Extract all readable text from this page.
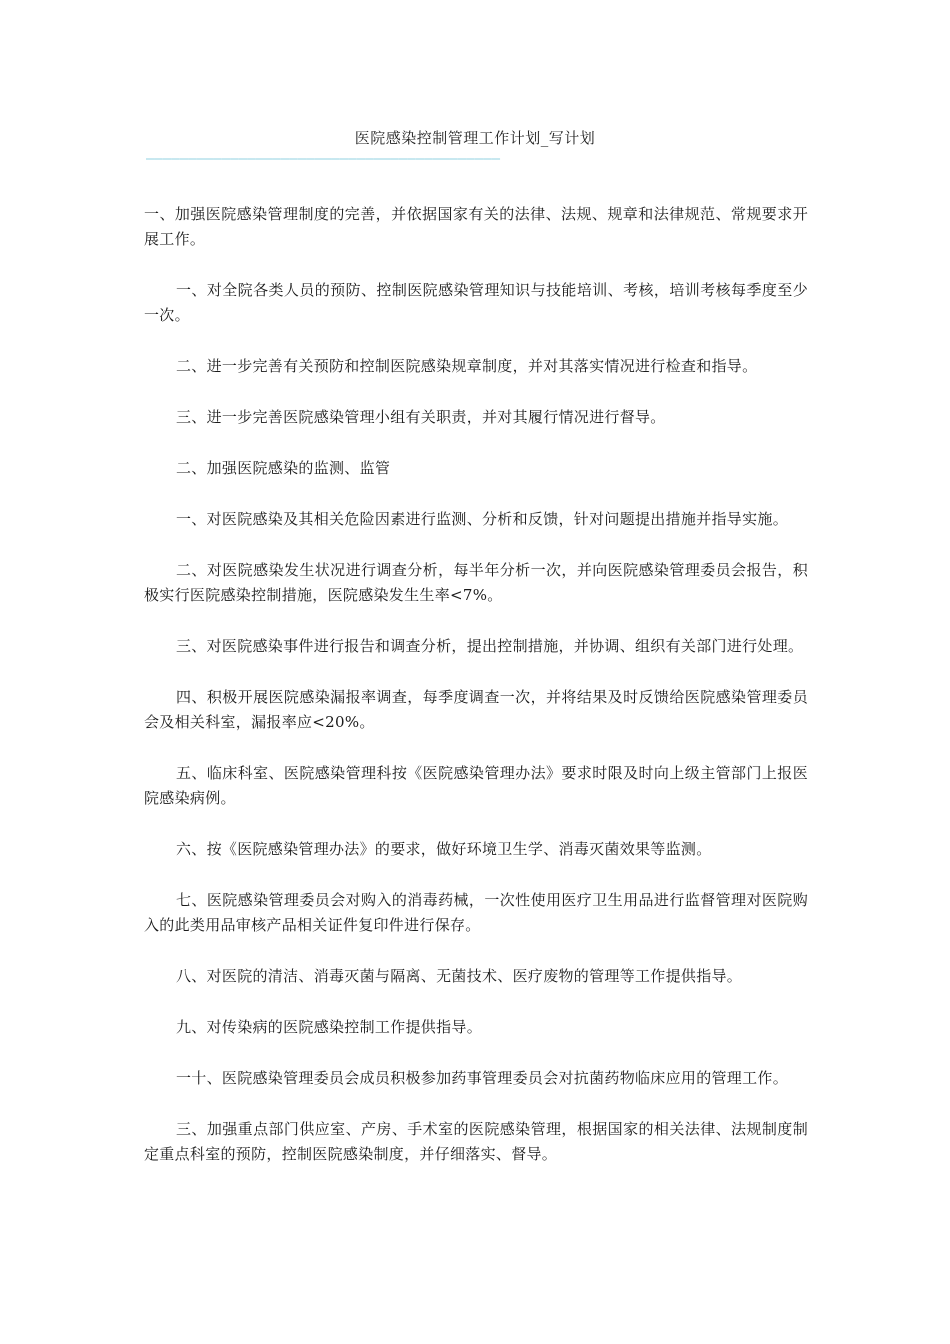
医院感染控制管理工作计划_写计划
——————————————————————————————————————————

一、加强医院感染管理制度的完善，并依据国家有关的法律、法规、规章和法律规范、常规要求开展工作。

一、对全院各类人员的预防、控制医院感染管理知识与技能培训、考核，培训考核每季度至少一次。

二、进一步完善有关预防和控制医院感染规章制度，并对其落实情况进行检查和指导。

三、进一步完善医院感染管理小组有关职责，并对其履行情况进行督导。

二、加强医院感染的监测、监管

一、对医院感染及其相关危险因素进行监测、分析和反馈，针对问题提出措施并指导实施。

二、对医院感染发生状况进行调查分析，每半年分析一次，并向医院感染管理委员会报告，积极实行医院感染控制措施，医院感染发生生率<7%。

三、对医院感染事件进行报告和调查分析，提出控制措施，并协调、组织有关部门进行处理。

四、积极开展医院感染漏报率调查，每季度调查一次，并将结果及时反馈给医院感染管理委员会及相关科室，漏报率应<20%。

五、临床科室、医院感染管理科按《医院感染管理办法》要求时限及时向上级主管部门上报医院感染病例。

六、按《医院感染管理办法》的要求，做好环境卫生学、消毒灭菌效果等监测。

七、医院感染管理委员会对购入的消毒药械，一次性使用医疗卫生用品进行监督管理对医院购入的此类用品审核产品相关证件复印件进行保存。

八、对医院的清洁、消毒灭菌与隔离、无菌技术、医疗废物的管理等工作提供指导。

九、对传染病的医院感染控制工作提供指导。

一十、医院感染管理委员会成员积极参加药事管理委员会对抗菌药物临床应用的管理工作。

三、加强重点部门供应室、产房、手术室的医院感染管理，根据国家的相关法律、法规制度制定重点科室的预防，控制医院感染制度，并仔细落实、督导。
